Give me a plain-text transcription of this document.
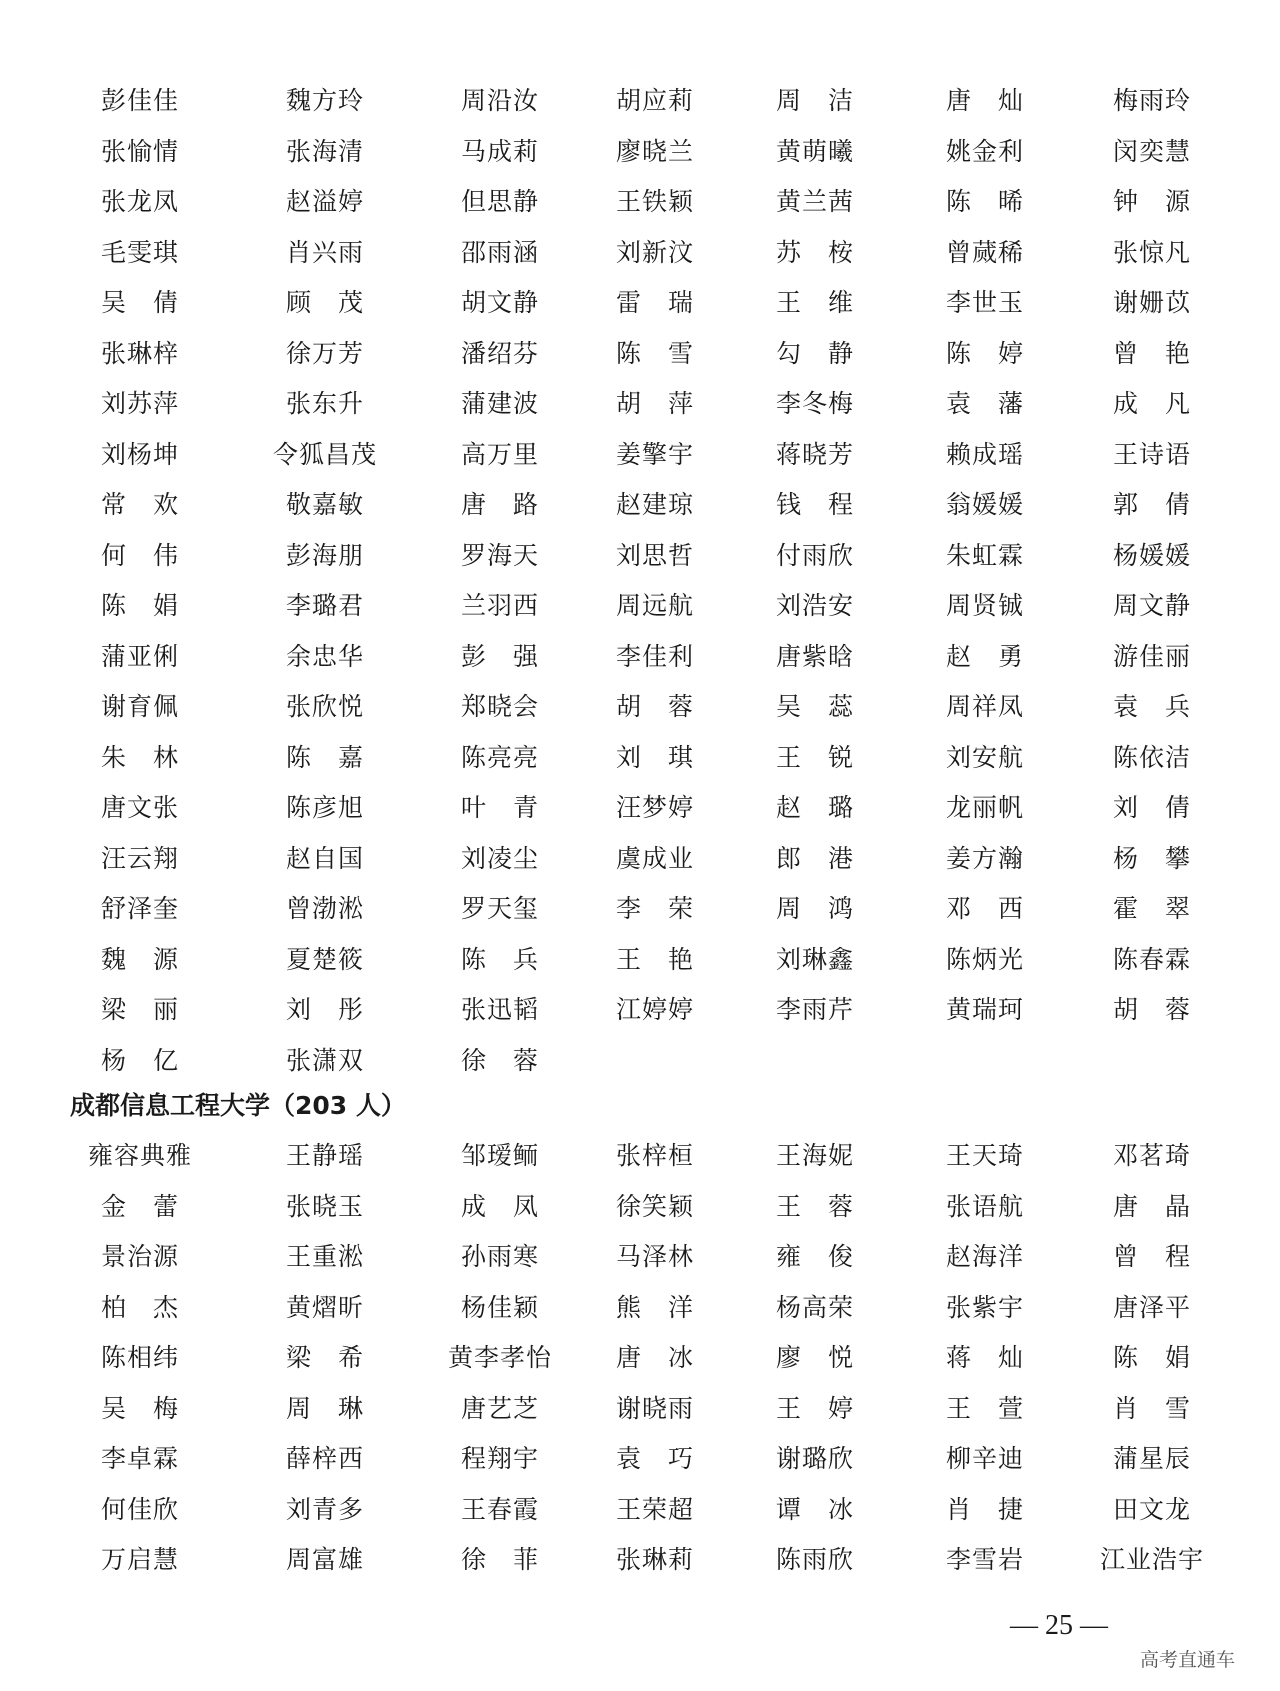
彭佳佳	魏方玲	周沿汝	胡应莉	周　洁	唐　灿	梅雨玲
张愉情	张海清	马成莉	廖晓兰	黄萌曦	姚金利	闵奕慧
张龙凤	赵溢婷	但思静	王铁颖	黄兰茜	陈　晞	钟　源
毛雯琪	肖兴雨	邵雨涵	刘新汶	苏　桉	曾蒇稀	张惊凡
吴　倩	顾　茂	胡文静	雷　瑞	王　维	李世玉	谢姗苡
张琳梓	徐万芳	潘绍芬	陈　雪	勾　静	陈　婷	曾　艳
刘苏萍	张东升	蒲建波	胡　萍	李冬梅	袁　藩	成　凡
刘杨坤	令狐昌茂	高万里	姜擎宇	蒋晓芳	赖成瑶	王诗语
常　欢	敬嘉敏	唐　路	赵建琼	钱　程	翁媛媛	郭　倩
何　伟	彭海朋	罗海天	刘思哲	付雨欣	朱虹霖	杨媛媛
陈　娟	李璐君	兰羽西	周远航	刘浩安	周贤铖	周文静
蒲亚俐	余忠华	彭　强	李佳利	唐紫晗	赵　勇	游佳丽
谢育佩	张欣悦	郑晓会	胡　蓉	吴　蕊	周祥凤	袁　兵
朱　林	陈　嘉	陈亮亮	刘　琪	王　锐	刘安航	陈依洁
唐文张	陈彦旭	叶　青	汪梦婷	赵　璐	龙丽帆	刘　倩
汪云翔	赵自国	刘凌尘	虞成业	郎　港	姜方瀚	杨　攀
舒泽奎	曾渤淞	罗天玺	李　荣	周　鸿	邓　西	霍　翠
魏　源	夏楚筱	陈　兵	王　艳	刘琳鑫	陈炳光	陈春霖
梁　丽	刘　彤	张迅韬	江婷婷	李雨芹	黄瑞珂	胡　蓉
杨　亿	张潇双	徐　蓉
成都信息工程大学（203 人）
雍容典雅	王静瑶	邹瑷鲕	张梓桓	王海妮	王天琦	邓茗琦
金　蕾	张晓玉	成　凤	徐笑颖	王　蓉	张语航	唐　晶
景治源	王重淞	孙雨寒	马泽林	雍　俊	赵海洋	曾　程
柏　杰	黄熠昕	杨佳颖	熊　洋	杨高荣	张紫宇	唐泽平
陈相纬	梁　希	黄李孝怡	唐　冰	廖　悦	蒋　灿	陈　娟
吴　梅	周　琳	唐艺芝	谢晓雨	王　婷	王　萱	肖　雪
李卓霖	薛梓西	程翔宇	袁　巧	谢璐欣	柳辛迪	蒲星辰
何佳欣	刘青多	王春霞	王荣超	谭　冰	肖　捷	田文龙
万启慧	周富雄	徐　菲	张琳莉	陈雨欣	李雪岩	江业浩宇
— 25 —
高考直通车
